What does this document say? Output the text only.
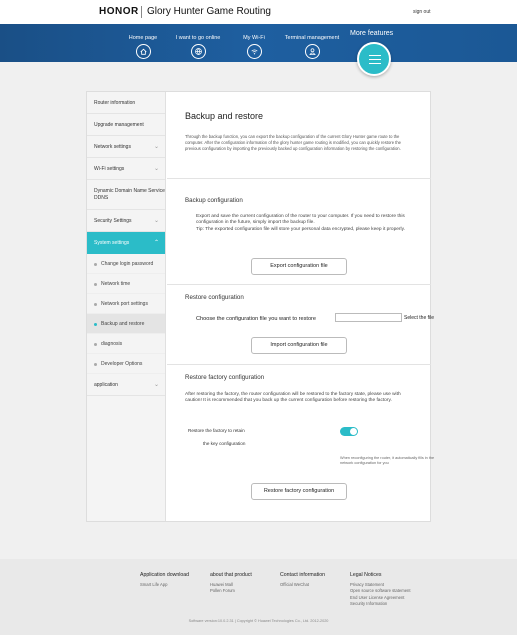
HONOR Glory Hunter Game Routing	sign out
Home page	I want to go online	My Wi-Fi	Terminal management
More features
Router information
Upgrade management
Network settings	⌄
Wi-Fi settings	⌄
Dynamic Domain Name Service DDNS
Security Settings	⌄
System settings	⌃
Change login password
Network time
Network port settings
Backup and restore
diagnosis
Developer Options
application	⌄
Backup and restore
Through the backup function, you can export the backup configuration of the current Glory Hunter game route to the computer. After the configuration information of the glory hunter game routing is modified, you can quickly restore the previous configuration by importing the previously backed up configuration information by restoring the configuration.
Backup configuration
Export and save the current configuration of the router to your computer. If you need to restore this configuration in the future, simply import the backup file.
Tip: The exported configuration file will store your personal data encrypted, please keep it properly.
Export configuration file
Restore configuration
Choose the configuration file you want to restore	Select the file
Import configuration file
Restore factory configuration
After restoring the factory, the router configuration will be restored to the factory state, please use with caution! It is recommended that you back up the current configuration before restoring the factory.
Restore the factory to retain
the key configuration
When reconfiguring the router, it automatically fills in the network configuration for you
Restore factory configuration
Application download
Smart Life App
about that product
Huawei Mall
Pollen Forum
Contact information
Official WeChat
Legal Notices
Privacy Statement
Open source software statement
End User License Agreement
Security Information
Software version:10.0.2.31 | Copyright © Huawei Technologies Co., Ltd. 2012-2020
